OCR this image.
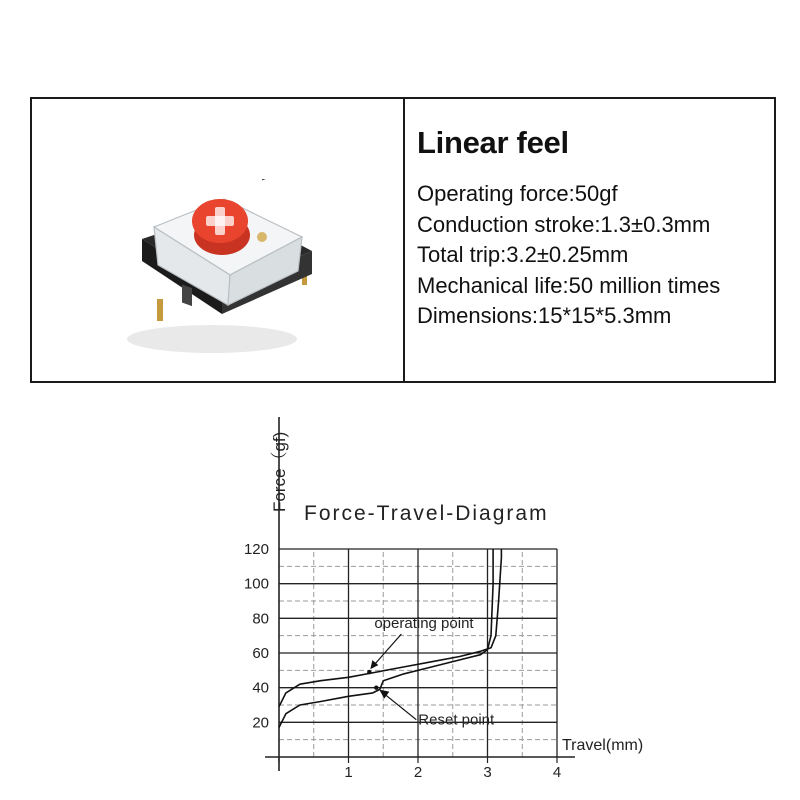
Linear feel
Operating force:50gf
Conduction stroke:1.3±0.3mm
Total trip:3.2±0.25mm
Mechanical life:50 million times
Dimensions:15*15*5.3mm
1	2	3	4
20
40
60
80
100
120
operating point
Reset point
Force-Travel-Diagram
Force（gf)
Travel(mm)
